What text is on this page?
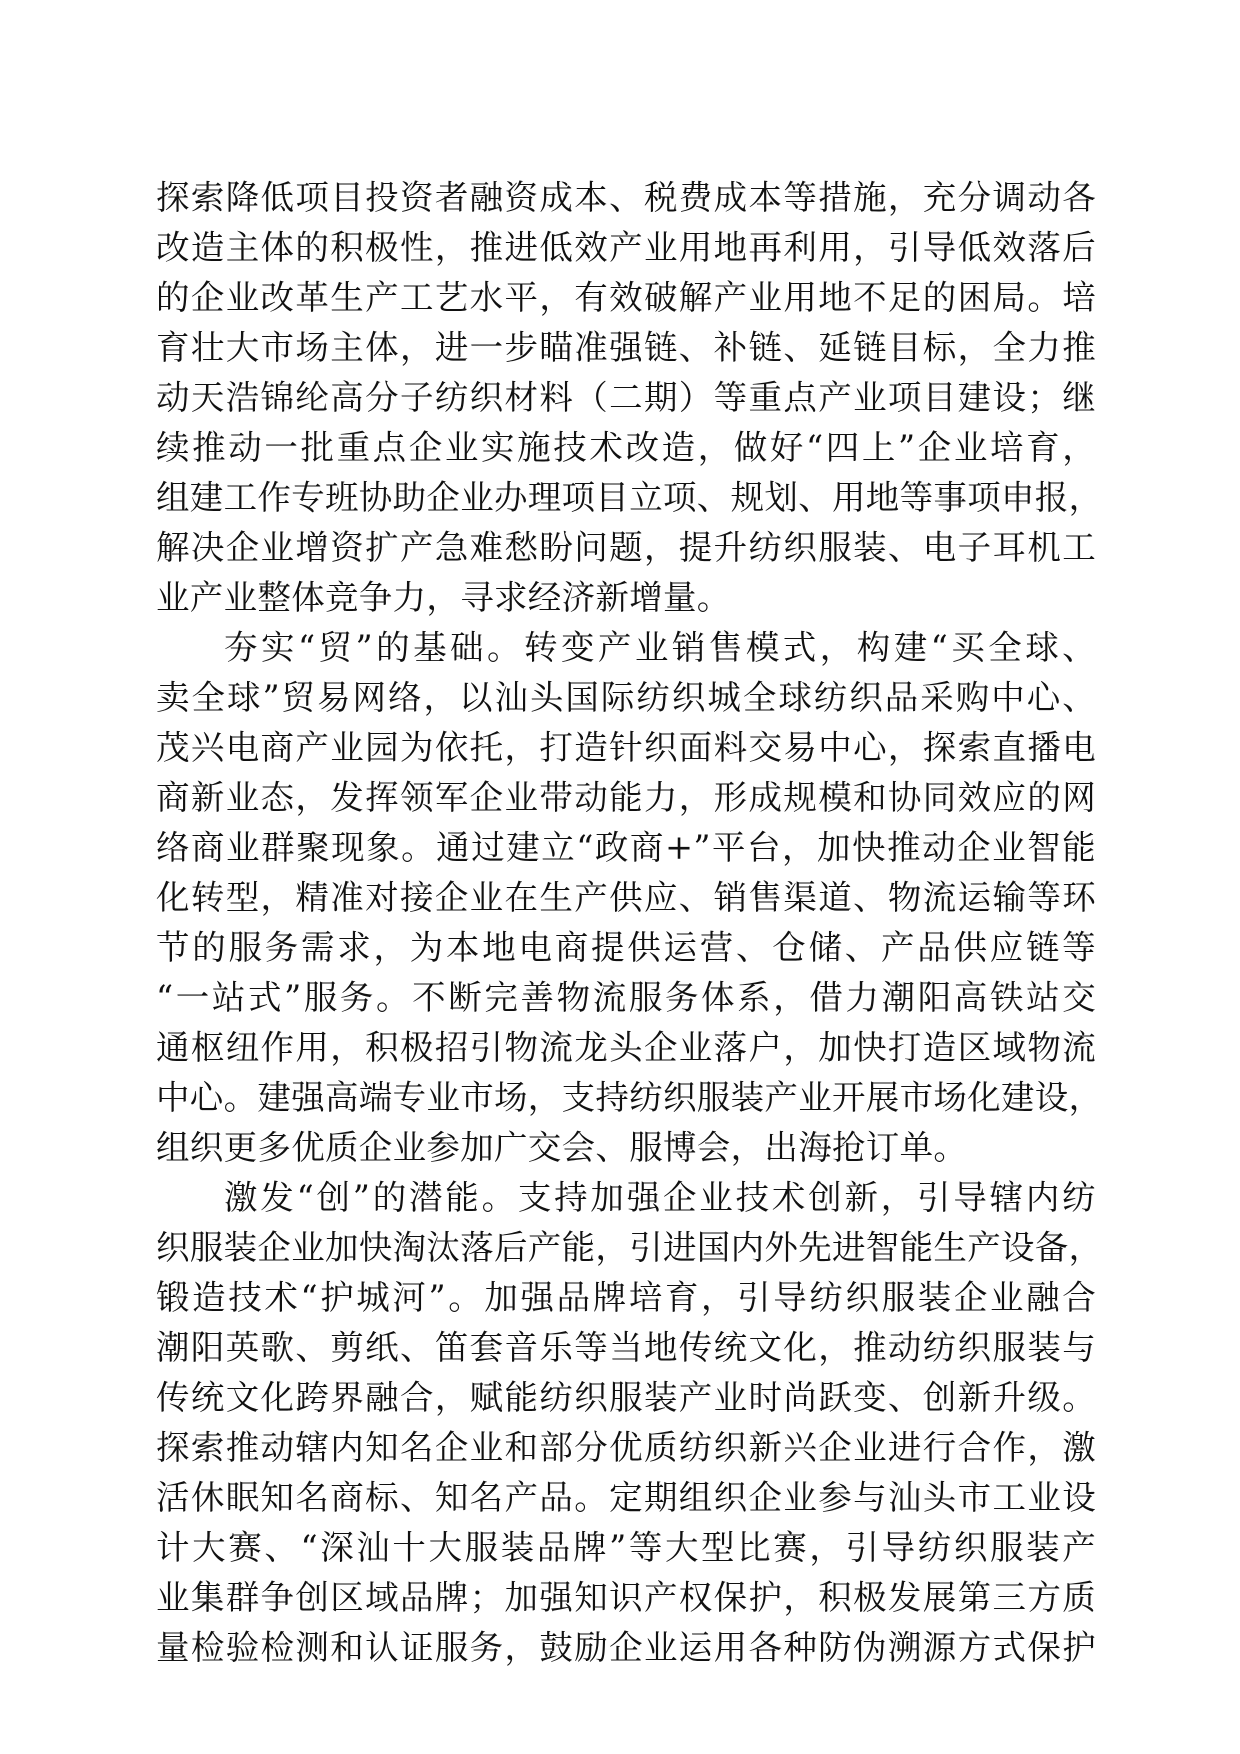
探索降低项目投资者融资成本、税费成本等措施，充分调动各
改造主体的积极性，推进低效产业用地再利用，引导低效落后
的企业改革生产工艺水平，有效破解产业用地不足的困局。培
育壮大市场主体，进一步瞄准强链、补链、延链目标，全力推
动天浩锦纶高分子纺织材料（二期）等重点产业项目建设；继
续推动一批重点企业实施技术改造，做好“四上”企业培育，
组建工作专班协助企业办理项目立项、规划、用地等事项申报，
解决企业增资扩产急难愁盼问题，提升纺织服装、电子耳机工
业产业整体竞争力，寻求经济新增量。
夯实“贸”的基础。转变产业销售模式，构建“买全球、
卖全球”贸易网络，以汕头国际纺织城全球纺织品采购中心、
茂兴电商产业园为依托，打造针织面料交易中心，探索直播电
商新业态，发挥领军企业带动能力，形成规模和协同效应的网
络商业群聚现象。通过建立“政商+”平台，加快推动企业智能
化转型，精准对接企业在生产供应、销售渠道、物流运输等环
节的服务需求，为本地电商提供运营、仓储、产品供应链等
“一站式”服务。不断完善物流服务体系，借力潮阳高铁站交
通枢纽作用，积极招引物流龙头企业落户，加快打造区域物流
中心。建强高端专业市场，支持纺织服装产业开展市场化建设，
组织更多优质企业参加广交会、服博会，出海抢订单。
激发“创”的潜能。支持加强企业技术创新，引导辖内纺
织服装企业加快淘汰落后产能，引进国内外先进智能生产设备，
锻造技术“护城河”。加强品牌培育，引导纺织服装企业融合
潮阳英歌、剪纸、笛套音乐等当地传统文化，推动纺织服装与
传统文化跨界融合，赋能纺织服装产业时尚跃变、创新升级。
探索推动辖内知名企业和部分优质纺织新兴企业进行合作，激
活休眠知名商标、知名产品。定期组织企业参与汕头市工业设
计大赛、“深汕十大服装品牌”等大型比赛，引导纺织服装产
业集群争创区域品牌；加强知识产权保护，积极发展第三方质
量检验检测和认证服务，鼓励企业运用各种防伪溯源方式保护
